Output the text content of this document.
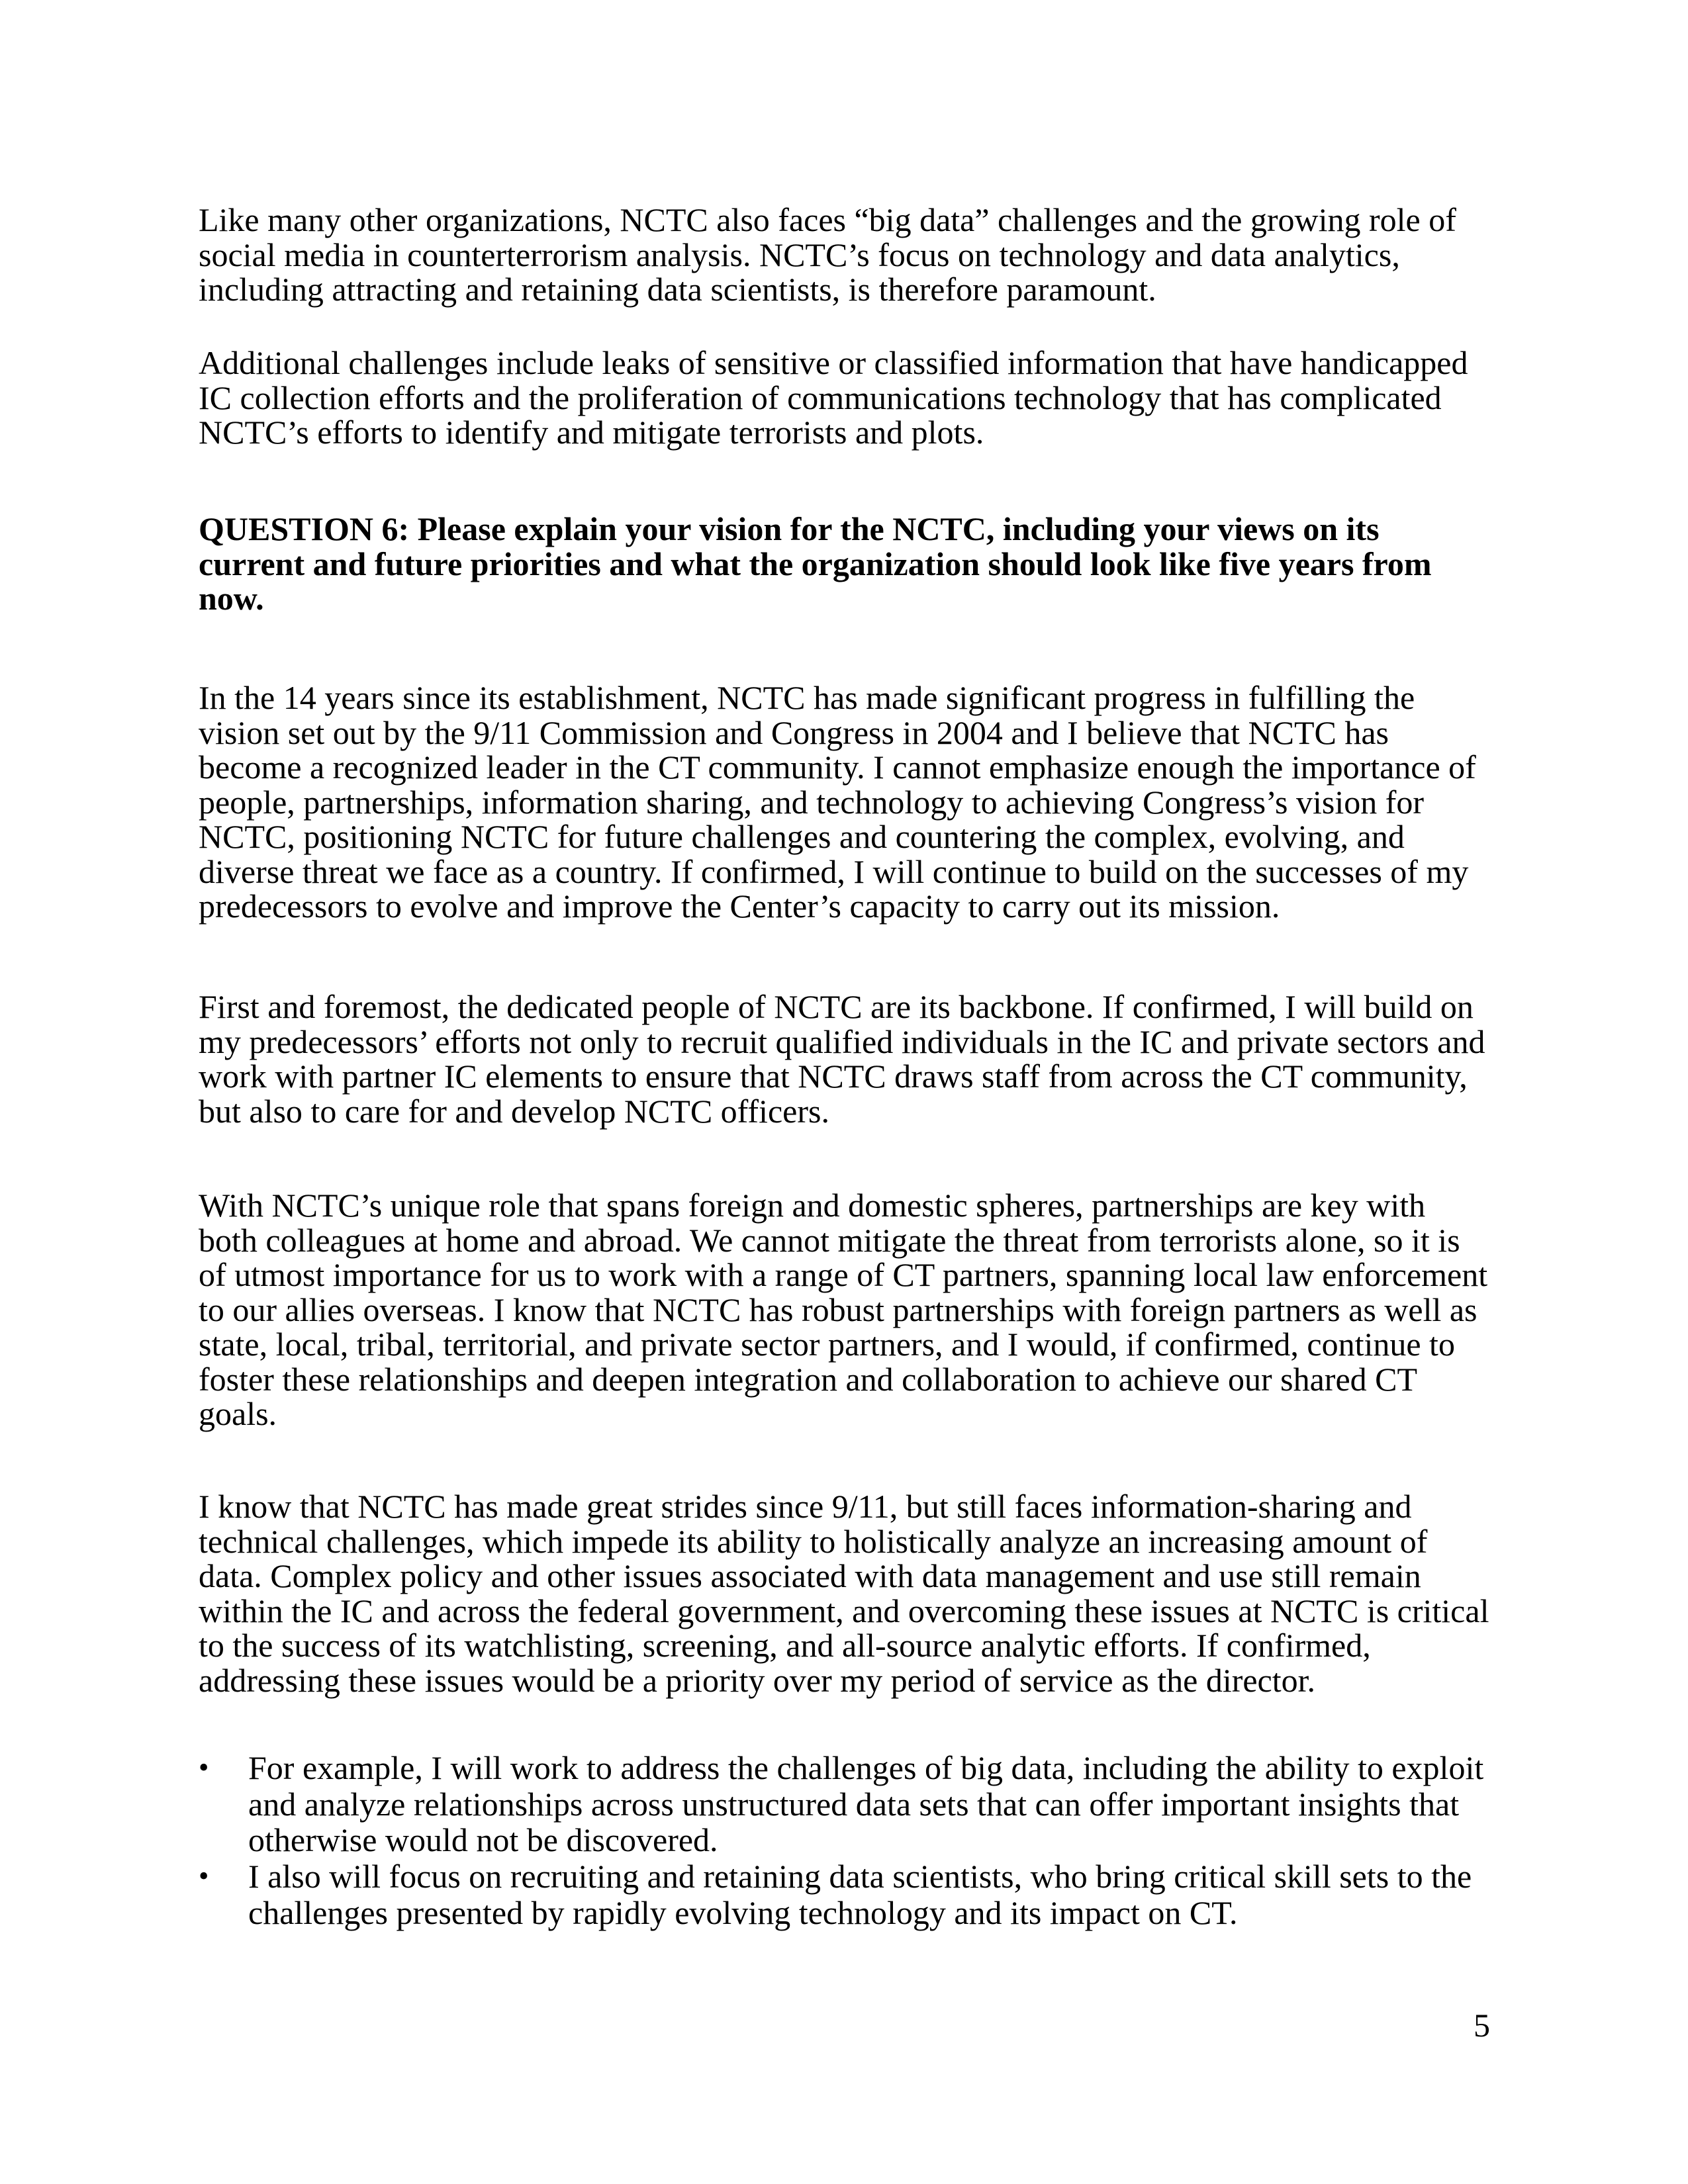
Like many other organizations, NCTC also faces “big data” challenges and the growing role of
social media in counterterrorism analysis. NCTC’s focus on technology and data analytics,
including attracting and retaining data scientists, is therefore paramount.
Additional challenges include leaks of sensitive or classified information that have handicapped
IC collection efforts and the proliferation of communications technology that has complicated
NCTC’s efforts to identify and mitigate terrorists and plots.
QUESTION 6: Please explain your vision for the NCTC, including your views on its
current and future priorities and what the organization should look like five years from
now.
In the 14 years since its establishment, NCTC has made significant progress in fulfilling the
vision set out by the 9/11 Commission and Congress in 2004 and I believe that NCTC has
become a recognized leader in the CT community. I cannot emphasize enough the importance of
people, partnerships, information sharing, and technology to achieving Congress’s vision for
NCTC, positioning NCTC for future challenges and countering the complex, evolving, and
diverse threat we face as a country. If confirmed, I will continue to build on the successes of my
predecessors to evolve and improve the Center’s capacity to carry out its mission.
First and foremost, the dedicated people of NCTC are its backbone. If confirmed, I will build on
my predecessors’ efforts not only to recruit qualified individuals in the IC and private sectors and
work with partner IC elements to ensure that NCTC draws staff from across the CT community,
but also to care for and develop NCTC officers.
With NCTC’s unique role that spans foreign and domestic spheres, partnerships are key with
both colleagues at home and abroad. We cannot mitigate the threat from terrorists alone, so it is
of utmost importance for us to work with a range of CT partners, spanning local law enforcement
to our allies overseas. I know that NCTC has robust partnerships with foreign partners as well as
state, local, tribal, territorial, and private sector partners, and I would, if confirmed, continue to
foster these relationships and deepen integration and collaboration to achieve our shared CT
goals.
I know that NCTC has made great strides since 9/11, but still faces information-sharing and
technical challenges, which impede its ability to holistically analyze an increasing amount of
data. Complex policy and other issues associated with data management and use still remain
within the IC and across the federal government, and overcoming these issues at NCTC is critical
to the success of its watchlisting, screening, and all-source analytic efforts. If confirmed,
addressing these issues would be a priority over my period of service as the director.
•	For example, I will work to address the challenges of big data, including the ability to exploit
and analyze relationships across unstructured data sets that can offer important insights that
otherwise would not be discovered.
•	I also will focus on recruiting and retaining data scientists, who bring critical skill sets to the
challenges presented by rapidly evolving technology and its impact on CT.
5
